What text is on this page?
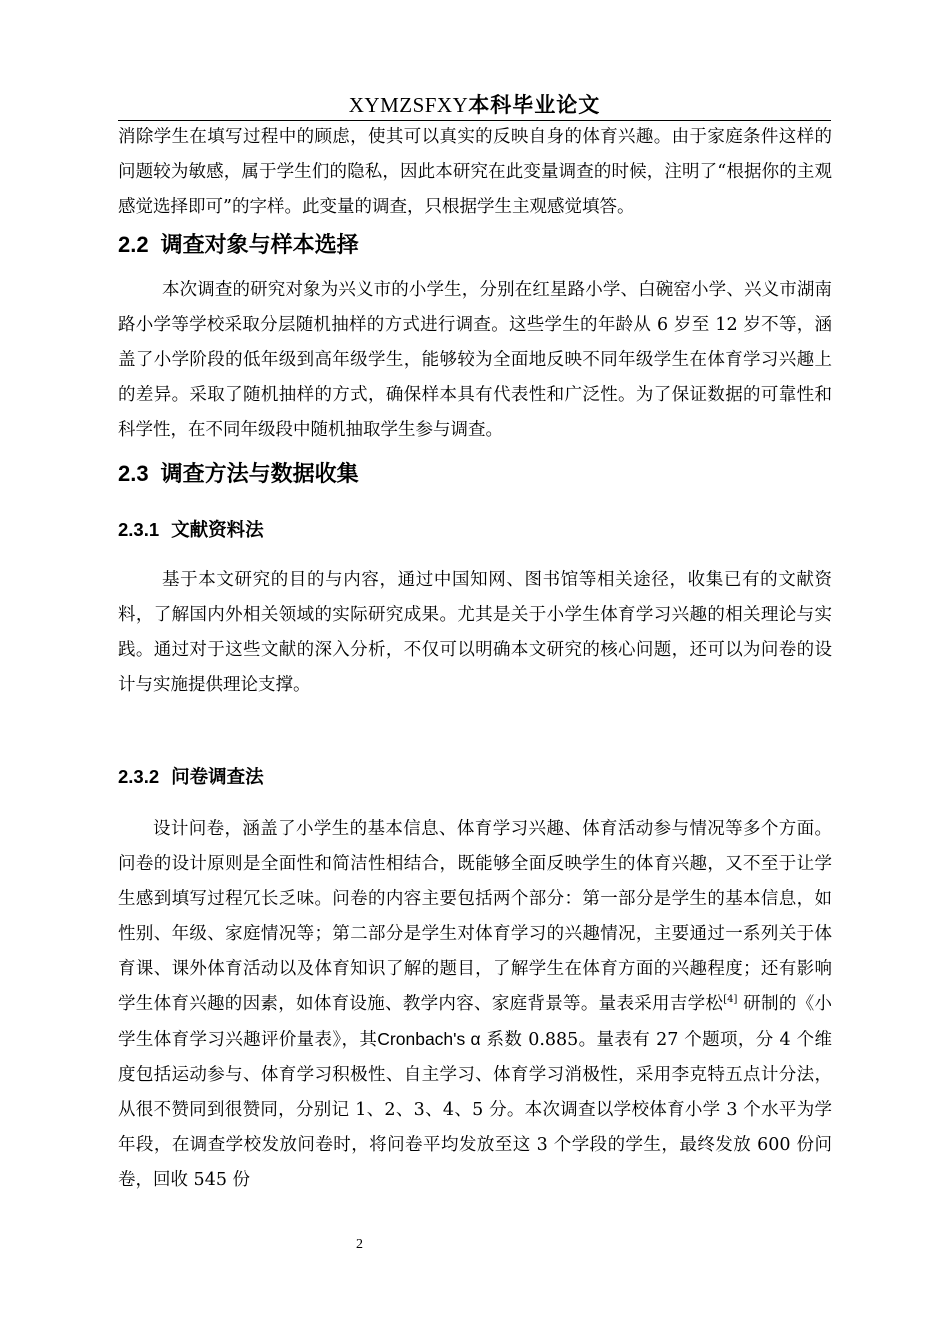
XYMZSFXY本科毕业论文

消除学生在填写过程中的顾虑，使其可以真实的反映自身的体育兴趣。由于家庭条件这样的问题较为敏感，属于学生们的隐私，因此本研究在此变量调查的时候，注明了“根据你的主观感觉选择即可”的字样。此变量的调查，只根据学生主观感觉填答。

2.2 调查对象与样本选择

本次调查的研究对象为兴义市的小学生，分别在红星路小学、白碗窑小学、兴义市湖南路小学等学校采取分层随机抽样的方式进行调查。这些学生的年龄从 6 岁至 12 岁不等，涵盖了小学阶段的低年级到高年级学生，能够较为全面地反映不同年级学生在体育学习兴趣上的差异。采取了随机抽样的方式，确保样本具有代表性和广泛性。为了保证数据的可靠性和科学性，在不同年级段中随机抽取学生参与调查。

2.3 调查方法与数据收集
2.3.1 文献资料法

基于本文研究的目的与内容，通过中国知网、图书馆等相关途径，收集已有的文献资料，了解国内外相关领域的实际研究成果。尤其是关于小学生体育学习兴趣的相关理论与实践。通过对于这些文献的深入分析，不仅可以明确本文研究的核心问题，还可以为问卷的设计与实施提供理论支撑。

2.3.2 问卷调查法

设计问卷，涵盖了小学生的基本信息、体育学习兴趣、体育活动参与情况等多个方面。问卷的设计原则是全面性和简洁性相结合，既能够全面反映学生的体育兴趣，又不至于让学生感到填写过程冗长乏味。问卷的内容主要包括两个部分：第一部分是学生的基本信息，如性别、年级、家庭情况等；第二部分是学生对体育学习的兴趣情况，主要通过一系列关于体育课、课外体育活动以及体育知识了解的题目，了解学生在体育方面的兴趣程度；还有影响学生体育兴趣的因素，如体育设施、教学内容、家庭背景等。量表采用吉学松[4] 研制的《小学生体育学习兴趣评价量表》，其Cronbach's α 系数 0.885。量表有 27 个题项，分 4 个维度包括运动参与、体育学习积极性、自主学习、体育学习消极性，采用李克特五点计分法，从很不赞同到很赞同，分别记 1、2、3、4、5 分。本次调查以学校体育小学 3 个水平为学年段，在调查学校发放问卷时，将问卷平均发放至这 3 个学段的学生，最终发放 600 份问卷，回收 545 份

2
